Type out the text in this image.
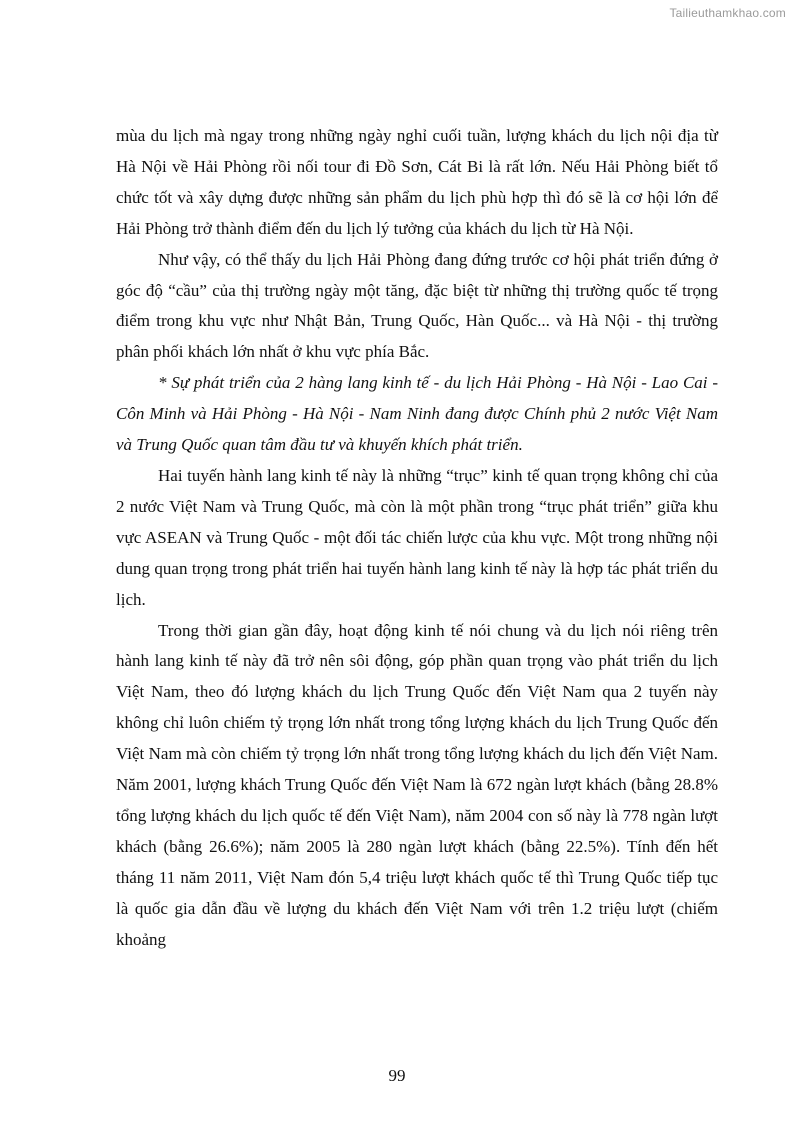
Tailieuthamkhao.com

mùa du lịch mà ngay trong những ngày nghỉ cuối tuần, lượng khách du lịch nội địa từ Hà Nội về Hải Phòng rồi nối tour đi Đồ Sơn, Cát Bi là rất lớn. Nếu Hải Phòng biết tổ chức tốt và xây dựng được những sản phẩm du lịch phù hợp thì đó sẽ là cơ hội lớn để Hải Phòng trở thành điểm đến du lịch lý tưởng của khách du lịch từ Hà Nội.

Như vậy, có thể thấy du lịch Hải Phòng đang đứng trước cơ hội phát triển đứng ở góc độ “cầu” của thị trường ngày một tăng, đặc biệt từ những thị trường quốc tế trọng điểm trong khu vực như Nhật Bản, Trung Quốc, Hàn Quốc... và Hà Nội - thị trường phân phối khách lớn nhất ở khu vực phía Bắc.

* Sự phát triển của 2 hàng lang kinh tế - du lịch Hải Phòng - Hà Nội - Lao Cai - Côn Minh và Hải Phòng - Hà Nội - Nam Ninh đang được Chính phủ 2 nước Việt Nam và Trung Quốc quan tâm đầu tư và khuyến khích phát triển.

Hai tuyến hành lang kinh tế này là những “trục” kinh tế quan trọng không chỉ của 2 nước Việt Nam và Trung Quốc, mà còn là một phần trong “trục phát triển” giữa khu vực ASEAN và Trung Quốc - một đối tác chiến lược của khu vực. Một trong những nội dung quan trọng trong phát triển hai tuyến hành lang kinh tế này là hợp tác phát triển du lịch.

Trong thời gian gần đây, hoạt động kinh tế nói chung và du lịch nói riêng trên hành lang kinh tế này đã trở nên sôi động, góp phần quan trọng vào phát triển du lịch Việt Nam, theo đó lượng khách du lịch Trung Quốc đến Việt Nam qua 2 tuyến này không chỉ luôn chiếm tỷ trọng lớn nhất trong tổng lượng khách du lịch Trung Quốc đến Việt Nam mà còn chiếm tỷ trọng lớn nhất trong tổng lượng khách du lịch đến Việt Nam. Năm 2001, lượng khách Trung Quốc đến Việt Nam là 672 ngàn lượt khách (bằng 28.8% tổng lượng khách du lịch quốc tế đến Việt Nam), năm 2004 con số này là 778 ngàn lượt khách (bằng 26.6%); năm 2005 là 280 ngàn lượt khách (bằng 22.5%). Tính đến hết tháng 11 năm 2011, Việt Nam đón 5,4 triệu lượt khách quốc tế thì Trung Quốc tiếp tục là quốc gia dẫn đầu về lượng du khách đến Việt Nam với trên 1.2 triệu lượt (chiếm khoảng

99
